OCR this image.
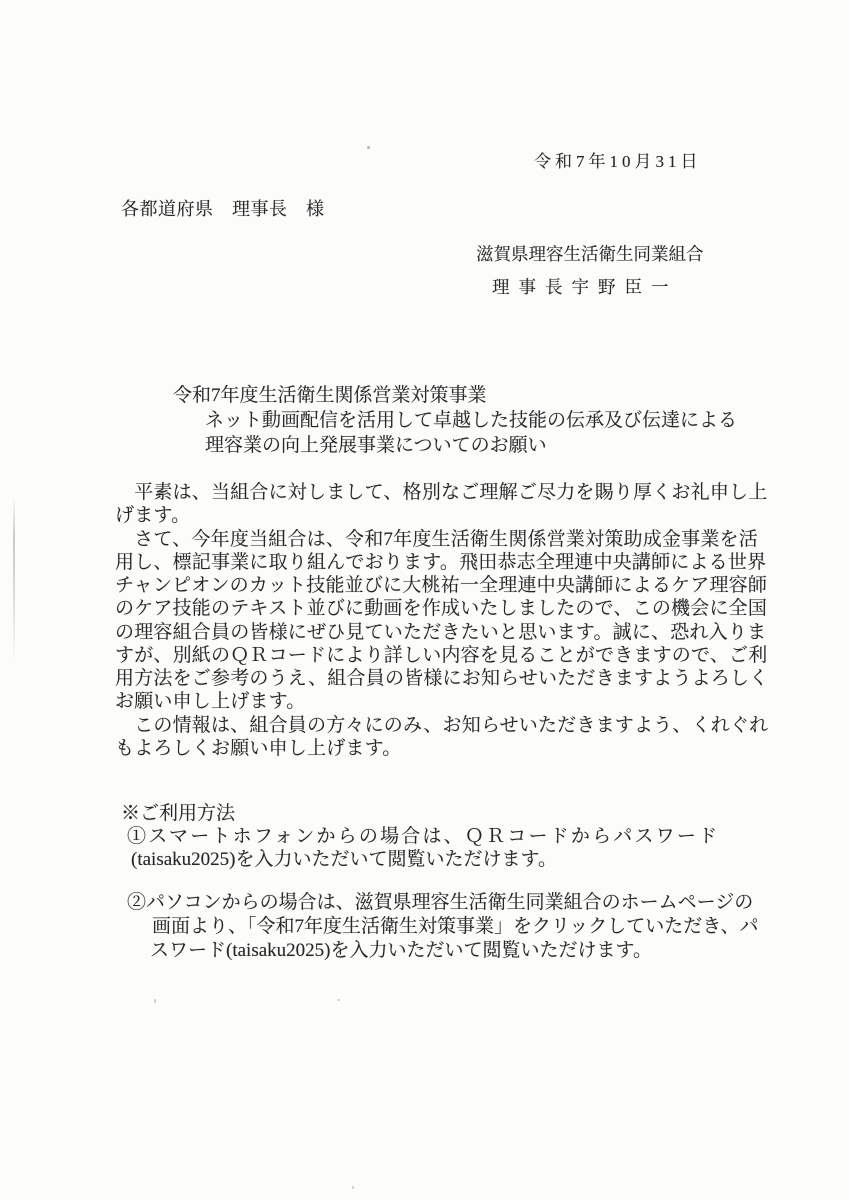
令和7年10月31日
各都道府県　理事長　様
滋賀県理容生活衛生同業組合
理事長宇野臣一
令和7年度生活衛生関係営業対策事業
ネット動画配信を活用して卓越した技能の伝承及び伝達による
理容業の向上発展事業についてのお願い
　平素は、当組合に対しまして、格別なご理解ご尽力を賜り厚くお礼申し上
げます。
　さて、今年度当組合は、令和7年度生活衛生関係営業対策助成金事業を活
用し、標記事業に取り組んでおります。飛田恭志全理連中央講師による世界
チャンピオンのカット技能並びに大桃祐一全理連中央講師によるケア理容師
のケア技能のテキスト並びに動画を作成いたしましたので、この機会に全国
の理容組合員の皆様にぜひ見ていただきたいと思います。誠に、恐れ入りま
すが、別紙のＱＲコードにより詳しい内容を見ることができますので、ご利
用方法をご参考のうえ、組合員の皆様にお知らせいただきますようよろしく
お願い申し上げます。
　この情報は、組合員の方々にのみ、お知らせいただきますよう、くれぐれ
もよろしくお願い申し上げます。
※ご利用方法
①スマートホフォンからの場合は、ＱＲコードからパスワード
(taisaku2025)を入力いただいて閲覧いただけます。
②パソコンからの場合は、滋賀県理容生活衛生同業組合のホームページの
画面より、「令和7年度生活衛生対策事業」をクリックしていただき、パ
スワード(taisaku2025)を入力いただいて閲覧いただけます。
